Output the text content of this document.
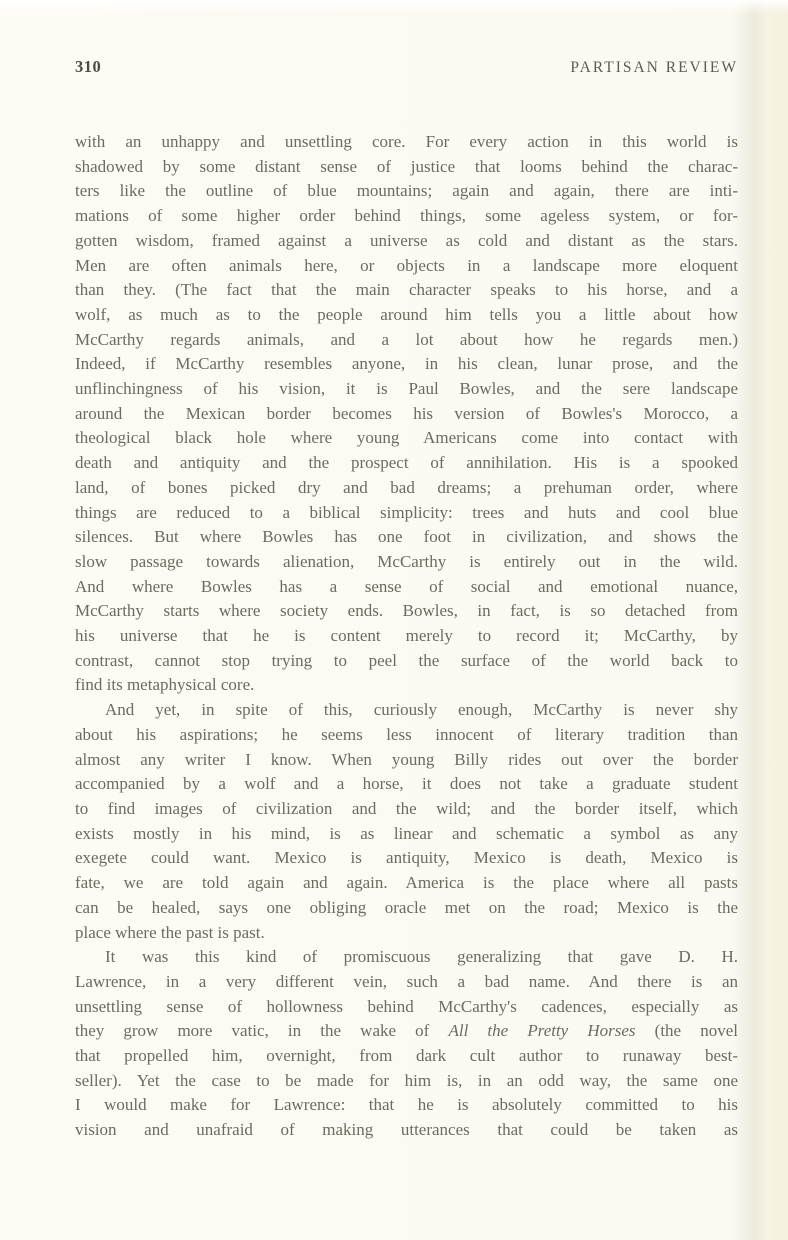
310	PARTISAN REVIEW
with an unhappy and unsettling core. For every action in this world is
shadowed by some distant sense of justice that looms behind the charac-
ters like the outline of blue mountains; again and again, there are inti-
mations of some higher order behind things, some ageless system, or for-
gotten wisdom, framed against a universe as cold and distant as the stars.
Men are often animals here, or objects in a landscape more eloquent
than they. (The fact that the main character speaks to his horse, and a
wolf, as much as to the people around him tells you a little about how
McCarthy regards animals, and a lot about how he regards men.)
Indeed, if McCarthy resembles anyone, in his clean, lunar prose, and the
unflinchingness of his vision, it is Paul Bowles, and the sere landscape
around the Mexican border becomes his version of Bowles's Morocco, a
theological black hole where young Americans come into contact with
death and antiquity and the prospect of annihilation. His is a spooked
land, of bones picked dry and bad dreams; a prehuman order, where
things are reduced to a biblical simplicity: trees and huts and cool blue
silences. But where Bowles has one foot in civilization, and shows the
slow passage towards alienation, McCarthy is entirely out in the wild.
And where Bowles has a sense of social and emotional nuance,
McCarthy starts where society ends. Bowles, in fact, is so detached from
his universe that he is content merely to record it; McCarthy, by
contrast, cannot stop trying to peel the surface of the world back to
find its metaphysical core.
And yet, in spite of this, curiously enough, McCarthy is never shy
about his aspirations; he seems less innocent of literary tradition than
almost any writer I know. When young Billy rides out over the border
accompanied by a wolf and a horse, it does not take a graduate student
to find images of civilization and the wild; and the border itself, which
exists mostly in his mind, is as linear and schematic a symbol as any
exegete could want. Mexico is antiquity, Mexico is death, Mexico is
fate, we are told again and again. America is the place where all pasts
can be healed, says one obliging oracle met on the road; Mexico is the
place where the past is past.
It was this kind of promiscuous generalizing that gave D. H.
Lawrence, in a very different vein, such a bad name. And there is an
unsettling sense of hollowness behind McCarthy's cadences, especially as
they grow more vatic, in the wake of All the Pretty Horses (the novel
that propelled him, overnight, from dark cult author to runaway best-
seller). Yet the case to be made for him is, in an odd way, the same one
I would make for Lawrence: that he is absolutely committed to his
vision and unafraid of making utterances that could be taken as
